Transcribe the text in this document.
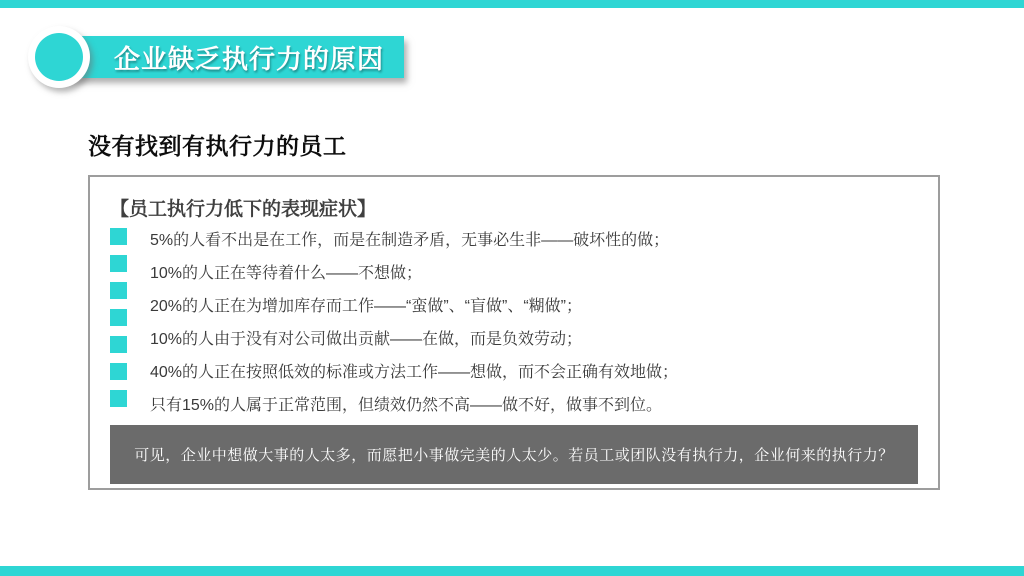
企业缺乏执行力的原因
没有找到有执行力的员工
【员工执行力低下的表现症状】
5%的人看不出是在工作，而是在制造矛盾，无事必生非——破坏性的做；
10%的人正在等待着什么——不想做；
20%的人正在为增加库存而工作——“蛮做”、“盲做”、“糊做”；
10%的人由于没有对公司做出贡献——在做，而是负效劳动；
40%的人正在按照低效的标准或方法工作——想做，而不会正确有效地做；
只有15%的人属于正常范围，但绩效仍然不高——做不好，做事不到位。
可见，企业中想做大事的人太多，而愿把小事做完美的人太少。若员工或团队没有执行力，企业何来的执行力？
